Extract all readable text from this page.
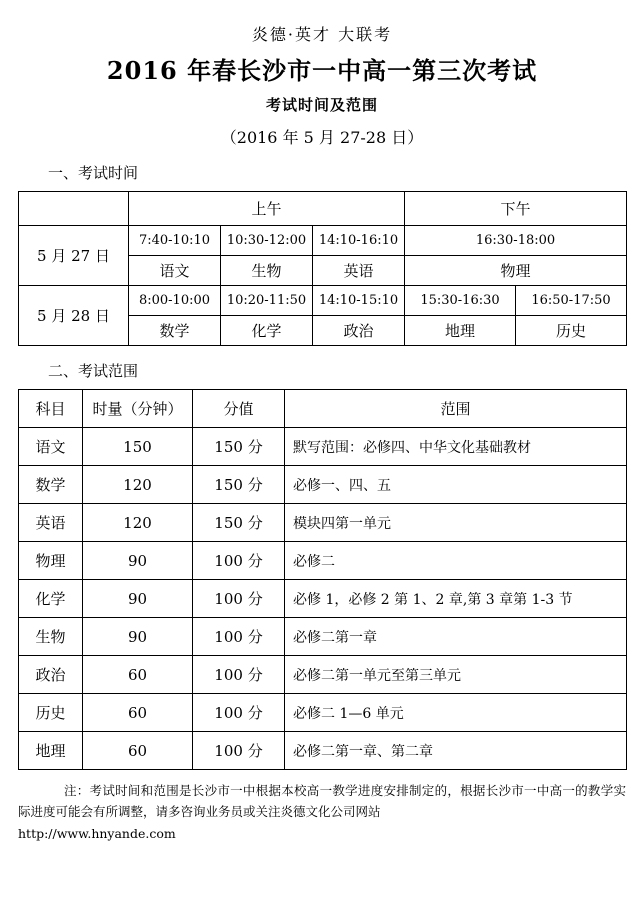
炎德·英才 大联考
2016 年春长沙市一中高一第三次考试
考试时间及范围
（2016 年 5 月 27-28 日）
一、考试时间
	上午			下午	
5 月 27 日	7:40-10:10	10:30-12:00	14:10-16:10	16:30-18:00	
	语文	生物	英语	物理	
5 月 28 日	8:00-10:00	10:20-11:50	14:10-15:10	15:30-16:30	16:50-17:50
	数学	化学	政治	地理	历史
二、考试范围
科目	时量（分钟）	分值	范围
语文	150	150 分	默写范围：必修四、中华文化基础教材
数学	120	150 分	必修一、四、五
英语	120	150 分	模块四第一单元
物理	90	100 分	必修二
化学	90	100 分	必修 1，必修 2 第 1、2 章,第 3 章第 1-3 节
生物	90	100 分	必修二第一章
政治	60	100 分	必修二第一单元至第三单元
历史	60	100 分	必修二 1—6 单元
地理	60	100 分	必修二第一章、第二章
注：考试时间和范围是长沙市一中根据本校高一教学进度安排制定的，根据长沙市一中高一的教学实际进度可能会有所调整，请多咨询业务员或关注炎德文化公司网站
http://www.hnyande.com
